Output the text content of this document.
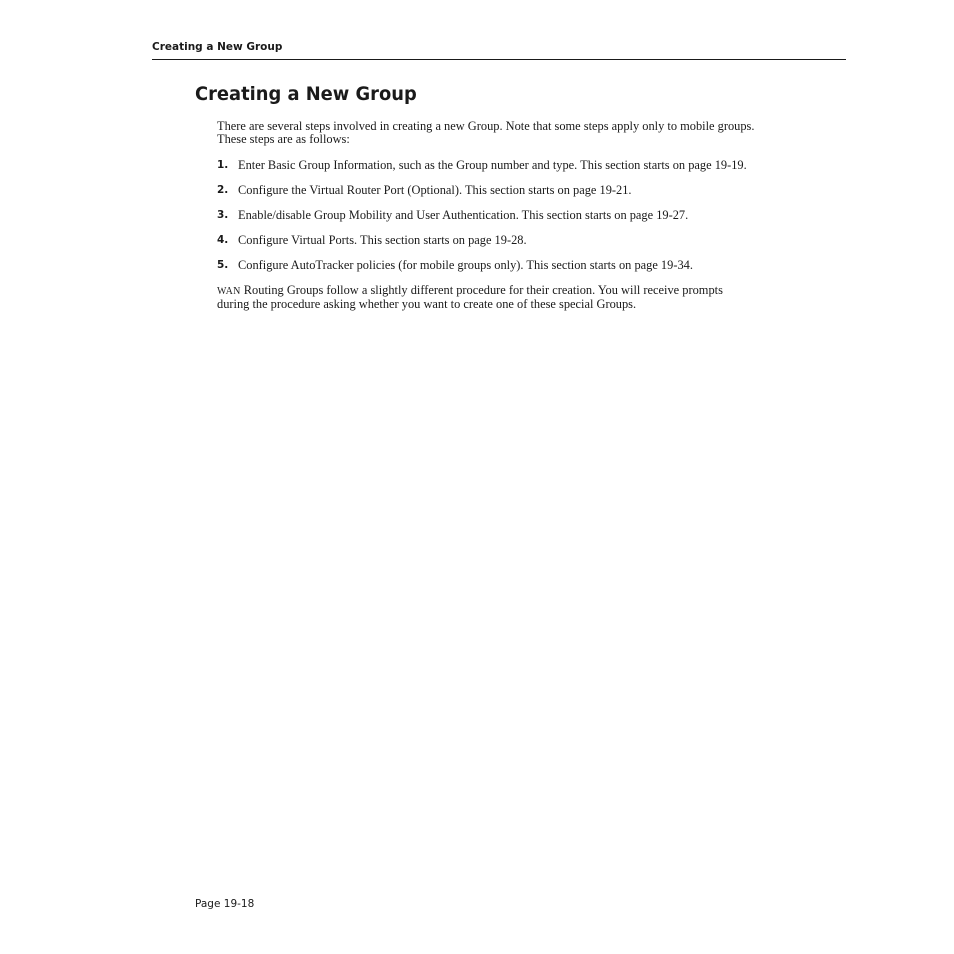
Creating a New Group
Creating a New Group

There are several steps involved in creating a new Group. Note that some steps apply only to mobile groups. These steps are as follows:

1. Enter Basic Group Information, such as the Group number and type. This section starts on page 19-19.
2. Configure the Virtual Router Port (Optional). This section starts on page 19-21.
3. Enable/disable Group Mobility and User Authentication. This section starts on page 19-27.
4. Configure Virtual Ports. This section starts on page 19-28.
5. Configure AutoTracker policies (for mobile groups only). This section starts on page 19-34.

WAN Routing Groups follow a slightly different procedure for their creation. You will receive prompts during the procedure asking whether you want to create one of these special Groups.

Page 19-18
